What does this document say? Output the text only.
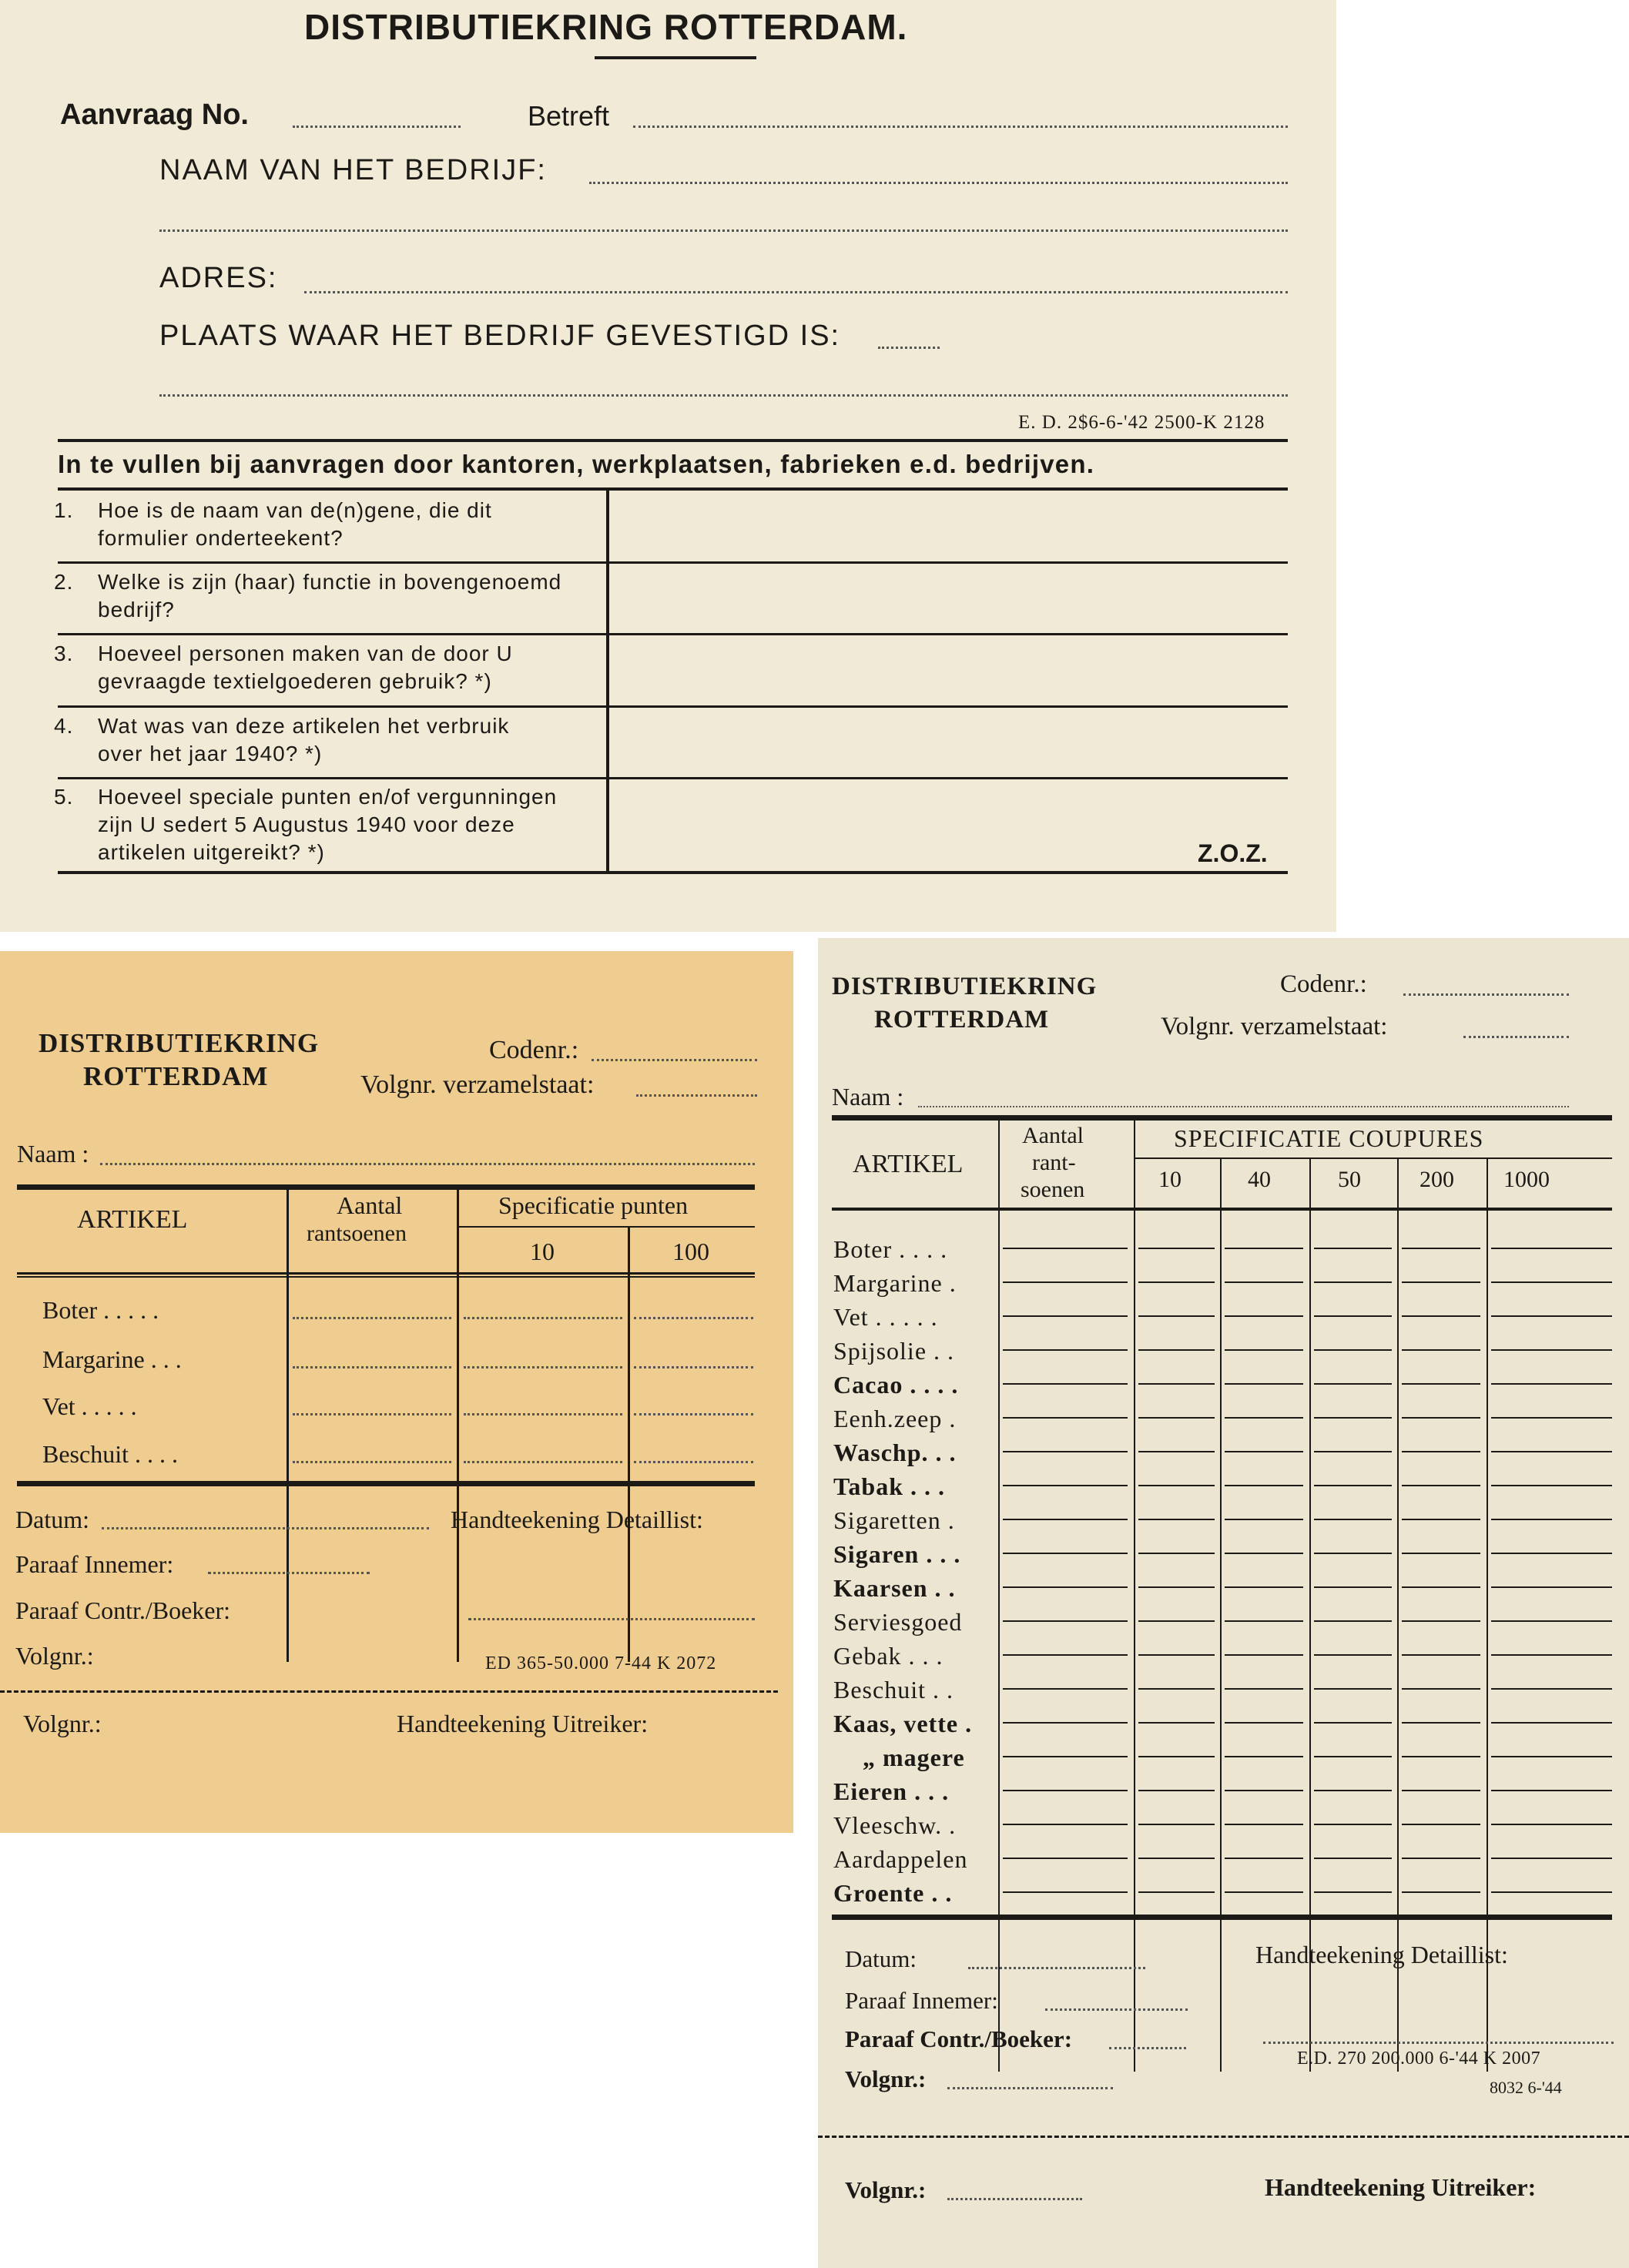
DISTRIBUTIEKRING ROTTERDAM.
Aanvraag No.	Betreft
NAAM VAN HET BEDRIJF:
ADRES:
PLAATS WAAR HET BEDRIJF GEVESTIGD IS:
E. D. 2$6-6-'42 2500-K 2128
In te vullen bij aanvragen door kantoren, werkplaatsen, fabrieken e.d. bedrijven.
1. Hoe is de naam van de(n)gene, die dit
formulier onderteekent?
2. Welke is zijn (haar) functie in bovengenoemd
bedrijf?
3. Hoeveel personen maken van de door U
gevraagde textielgoederen gebruik? *)
4. Wat was van deze artikelen het verbruik
over het jaar 1940? *)
5. Hoeveel speciale punten en/of vergunningen
zijn U sedert 5 Augustus 1940 voor deze
artikelen uitgereikt? *)	Z.O.Z.
DISTRIBUTIEKRING
ROTTERDAM
Codenr.:
Volgnr. verzamelstaat:
Naam :
ARTIKEL	Aantal
rantsoenen
Specificatie punten
10	100
Boter . . . . .
Margarine . . .
Vet . . . . .
Beschuit . . . .
Datum:	Handteekening Detaillist:
Paraaf Innemer:
Paraaf Contr./Boeker:
Volgnr.:	ED 365-50.000 7-44 K 2072
Volgnr.:	Handteekening Uitreiker:
DISTRIBUTIEKRING
ROTTERDAM
Codenr.:
Volgnr. verzamelstaat:
Naam :
ARTIKEL
Aantal
rant-
soenen
SPECIFICATIE COUPURES
10	40	50	200 1000
Boter . . . .
Margarine .
Vet . . . . .
Spijsolie . .
Cacao . . . .
Eenh.zeep .
Waschp. . .
Tabak . . .
Sigaretten .
Sigaren . . .
Kaarsen . .
Serviesgoed
Gebak . . .
Beschuit . .
Kaas, vette .
„ magere
Eieren . . .
Vleeschw. .
Aardappelen
Groente . .
Datum:	Handteekening Detaillist:
Paraaf Innemer:
Paraaf Contr./Boeker:
E.D. 270 200.000 6-'44 K 2007
8032 6-'44
Volgnr.:
Volgnr.:	Handteekening Uitreiker:
